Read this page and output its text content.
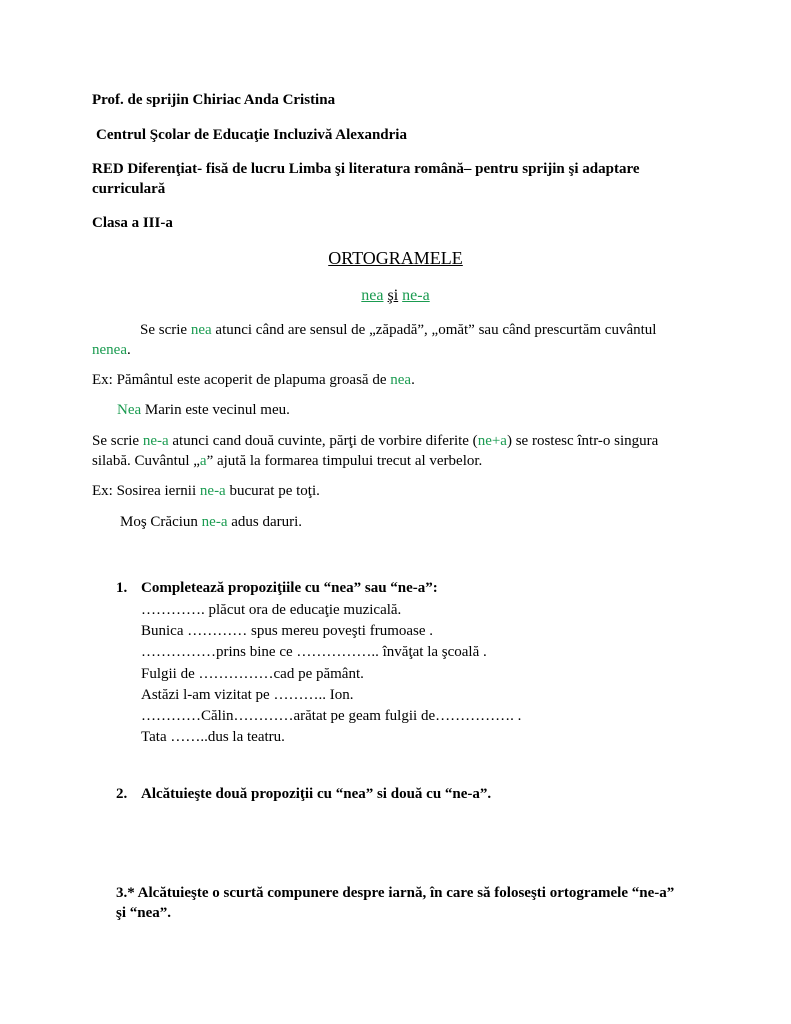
Prof. de sprijin Chiriac Anda Cristina
Centrul Şcolar de Educaţie Incluzivă Alexandria
RED Diferenţiat- fisă de lucru Limba şi literatura română– pentru sprijin şi adaptare
curriculară
Clasa a III-a
ORTOGRAMELE
nea şi ne-a
Se scrie nea atunci când are sensul de „zăpadă”, „omăt” sau când prescurtăm cuvântul
nenea.
Ex: Pământul este acoperit de plapuma groasă de nea.
Nea Marin este vecinul meu.
Se scrie ne-a atunci cand două cuvinte, părţi de vorbire diferite (ne+a) se rostesc într-o singura
silabă. Cuvântul „a” ajută la formarea timpului trecut al verbelor.
Ex: Sosirea iernii ne-a bucurat pe toţi.
Moş Crăciun ne-a adus daruri.
1. Completează propoziţiile cu “nea” sau “ne-a”:
…………. plăcut ora de educaţie muzicală.
Bunica ………… spus mereu poveşti frumoase .
……………prins bine ce …………….. învăţat la şcoală .
Fulgii de ……………cad pe pământ.
Astăzi l-am vizitat pe ……….. Ion.
…………Călin…………arătat pe geam fulgii de……………. .
Tata ……..dus la teatru.
2. Alcătuieşte două propoziţii cu “nea” si două cu “ne-a”.
3.* Alcătuieşte o scurtă compunere despre iarnă, în care să foloseşti ortogramele “ne-a”
şi “nea”.
